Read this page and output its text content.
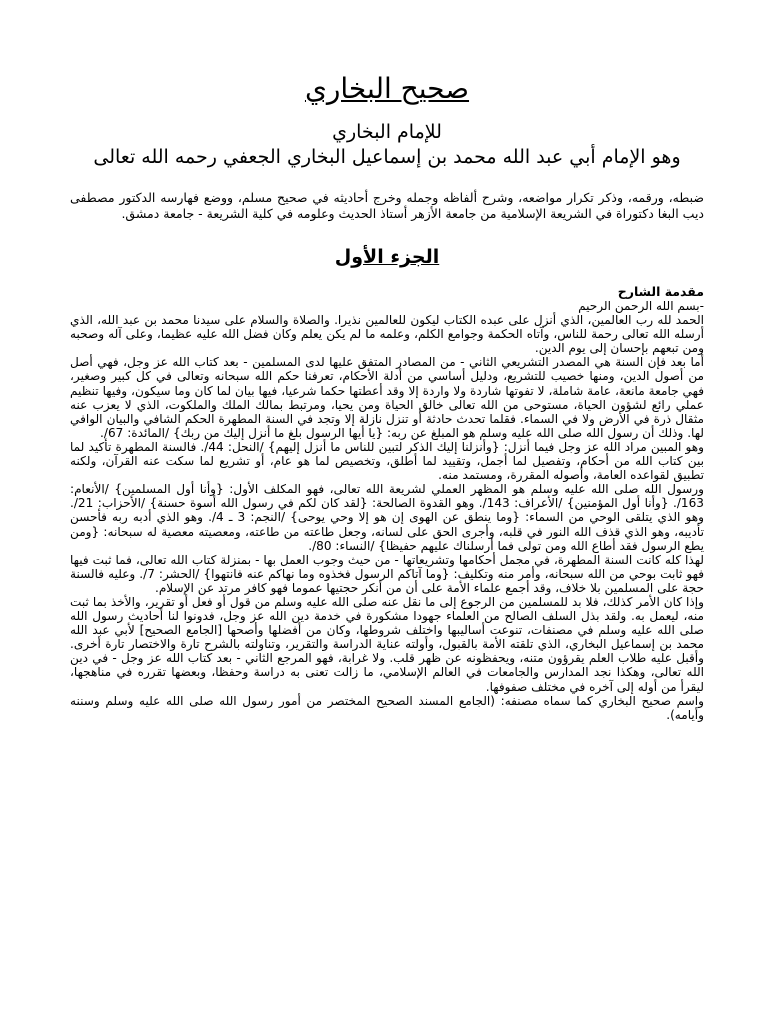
صحيح البخاري

للإمام البخاري

وهو الإمام أبي عبد الله محمد بن إسماعيل البخاري الجعفي رحمه الله تعالى

ضبطه، ورقمه، وذكر تكرار مواضعه، وشرح ألفاظه وجمله وخرج أحاديثه في صحيح مسلم، ووضع فهارسه الدكتور مصطفى ديب البغا دكتوراة في الشريعة الإسلامية من جامعة الأزهر أستاذ الحديث وعلومه في كلية الشريعة - جامعة دمشق.

الجزء الأول

مقدمة الشارح

-بسم الله الرحمن الرحيم

الحمد لله رب العالمين، الذي أنزل على عبده الكتاب ليكون للعالمين نذيرا. والصلاة والسلام على سيدنا محمد بن عبد الله، الذي أرسله الله تعالى رحمة للناس، وآتاه الحكمة وجوامع الكلم، وعلمه ما لم يكن يعلم وكان فضل الله عليه عظيما، وعلى آله وصحبه ومن تبعهم بإحسان إلى يوم الدين.

أما بعد فإن السنة هي المصدر التشريعي الثاني - من المصادر المتفق عليها لدى المسلمين - بعد كتاب الله عز وجل، فهي أصل من أصول الدين، ومنها خصيب للتشريع، ودليل أساسي من أدلة الأحكام، تعرفنا حكم الله سبحانه وتعالى في كل كبير وصغير، فهي جامعة مانعة، عامة شاملة، لا تفوتها شاردة ولا واردة إلا وقد أعطتها حكما شرعيا، فيها بيان لما كان وما سيكون، وفيها تنظيم عملي رائع لشؤون الحياة، مستوحى من الله تعالى خالق الحياة ومن يحيا، ومرتبط بمالك الملك والملكوت، الذي لا يعزب عنه مثقال ذرة في الأرض ولا في السماء. فقلما تحدث حادثة أو تنزل نازلة إلا وتجد في السنة المطهرة الحكم الشافي والبيان الوافي لها. وذلك أن رسول الله صلى الله عليه وسلم هو المبلغ عن ربه: {يا أيها الرسول بلغ ما أنزل إليك من ربك} /المائدة: 67/.

وهو المبين مراد الله عز وجل فيما أنزل: {وأنزلنا إليك الذكر لتبين للناس ما أنزل إليهم} /النحل: 44/. فالسنة المطهرة تأكيد لما بين كتاب الله من أحكام، وتفصيل لما أجمل، وتقييد لما أطلق، وتخصيص لما هو عام، أو تشريع لما سكت عنه القرآن، ولكنه تطبيق لقواعده العامة، وأصوله المقررة، ومستمد منه.

ورسول الله صلى الله عليه وسلم هو المظهر العملي لشريعة الله تعالى، فهو المكلف الأول: {وأنا أول المسلمين} /الأنعام: 163/. {وأنا أول المؤمنين} /الأعراف: 143/. وهو القدوة الصالحة: {لقد كان لكم في رسول الله أسوة حسنة} /الأحزاب: 21/. وهو الذي يتلقى الوحي من السماء: {وما ينطق عن الهوى إن هو إلا وحي يوحى} /النجم: 3 ـ 4/. وهو الذي أدبه ربه فأحسن تأديبه، وهو الذي قذف الله النور في قلبه، وأجرى الحق على لسانه، وجعل طاعته من طاعته، ومعصيته معصية له سبحانه: {ومن يطع الرسول فقد أطاع الله ومن تولى فما أرسلناك عليهم حفيظا} /النساء: 80/.

لهذا كله كانت السنة المطهرة، في مجمل أحكامها وتشريعاتها - من حيث وجوب العمل بها - بمنزلة كتاب الله تعالى، فما ثبت فيها فهو ثابت بوحي من الله سبحانه، وأمر منه وتكليف: {وما آتاكم الرسول فخذوه وما نهاكم عنه فانتهوا} /الحشر: 7/. وعليه فالسنة حجة على المسلمين بلا خلاف، وقد أجمع علماء الأمة على أن من أنكر حجتيها عموما فهو كافر مرتد عن الإسلام.

وإذا كان الأمر كذلك، فلا بد للمسلمين من الرجوع إلى ما نقل عنه صلى الله عليه وسلم من قول أو فعل أو تقرير، والأخذ بما ثبت منه، ليعمل به. ولقد بذل السلف الصالح من العلماء جهودا مشكورة في خدمة دين الله عز وجل، فدونوا لنا أحاديث رسول الله صلى الله عليه وسلم في مصنفات، تنوعت أساليبها واختلف شروطها، وكان من أفضلها وأصحها [الجامع الصحيح] لأبي عبد الله محمد بن إسماعيل البخاري، الذي تلقته الأمة بالقبول، وأولته عناية الدراسة والتقرير، وتناولته بالشرح تارة والاختصار تارة أخرى. وأقبل عليه طلاب العلم يقرؤون متنه، ويحفظونه عن ظهر قلب. ولا غرابة، فهو المرجع الثاني - بعد كتاب الله عز وجل - في دين الله تعالى، وهكذا نجد المدارس والجامعات في العالم الإسلامي، ما زالت تعنى به دراسة وحفظا، وبعضها تقرره في مناهجها، ليقرأ من أوله إلى آخره في مختلف صفوفها.

واسم صحيح البخاري كما سماه مصنفه: (الجامع المسند الصحيح المختصر من أمور رسول الله صلى الله عليه وسلم وسننه وأيامه).
